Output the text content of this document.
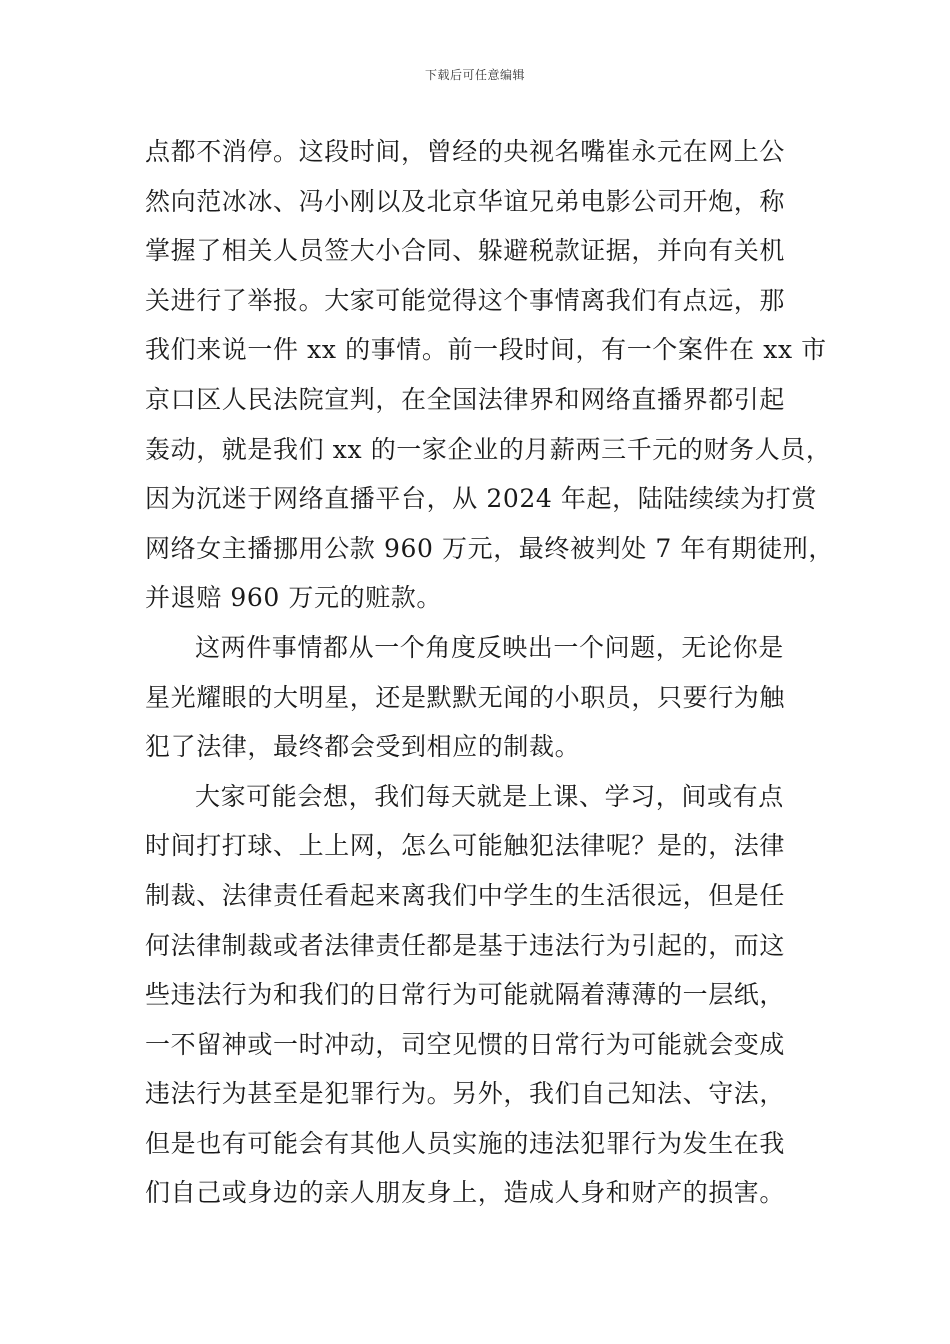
下载后可任意编辑
点都不消停。这段时间，曾经的央视名嘴崔永元在网上公
然向范冰冰、冯小刚以及北京华谊兄弟电影公司开炮，称
掌握了相关人员签大小合同、躲避税款证据，并向有关机
关进行了举报。大家可能觉得这个事情离我们有点远，那
我们来说一件 xx 的事情。前一段时间，有一个案件在 xx 市
京口区人民法院宣判，在全国法律界和网络直播界都引起
轰动，就是我们 xx 的一家企业的月薪两三千元的财务人员，
因为沉迷于网络直播平台，从 2024 年起，陆陆续续为打赏
网络女主播挪用公款 960 万元，最终被判处 7 年有期徒刑，
并退赔 960 万元的赃款。
这两件事情都从一个角度反映出一个问题，无论你是
星光耀眼的大明星，还是默默无闻的小职员，只要行为触
犯了法律，最终都会受到相应的制裁。
大家可能会想，我们每天就是上课、学习，间或有点
时间打打球、上上网，怎么可能触犯法律呢？是的，法律
制裁、法律责任看起来离我们中学生的生活很远，但是任
何法律制裁或者法律责任都是基于违法行为引起的，而这
些违法行为和我们的日常行为可能就隔着薄薄的一层纸，
一不留神或一时冲动，司空见惯的日常行为可能就会变成
违法行为甚至是犯罪行为。另外，我们自己知法、守法，
但是也有可能会有其他人员实施的违法犯罪行为发生在我
们自己或身边的亲人朋友身上，造成人身和财产的损害。
